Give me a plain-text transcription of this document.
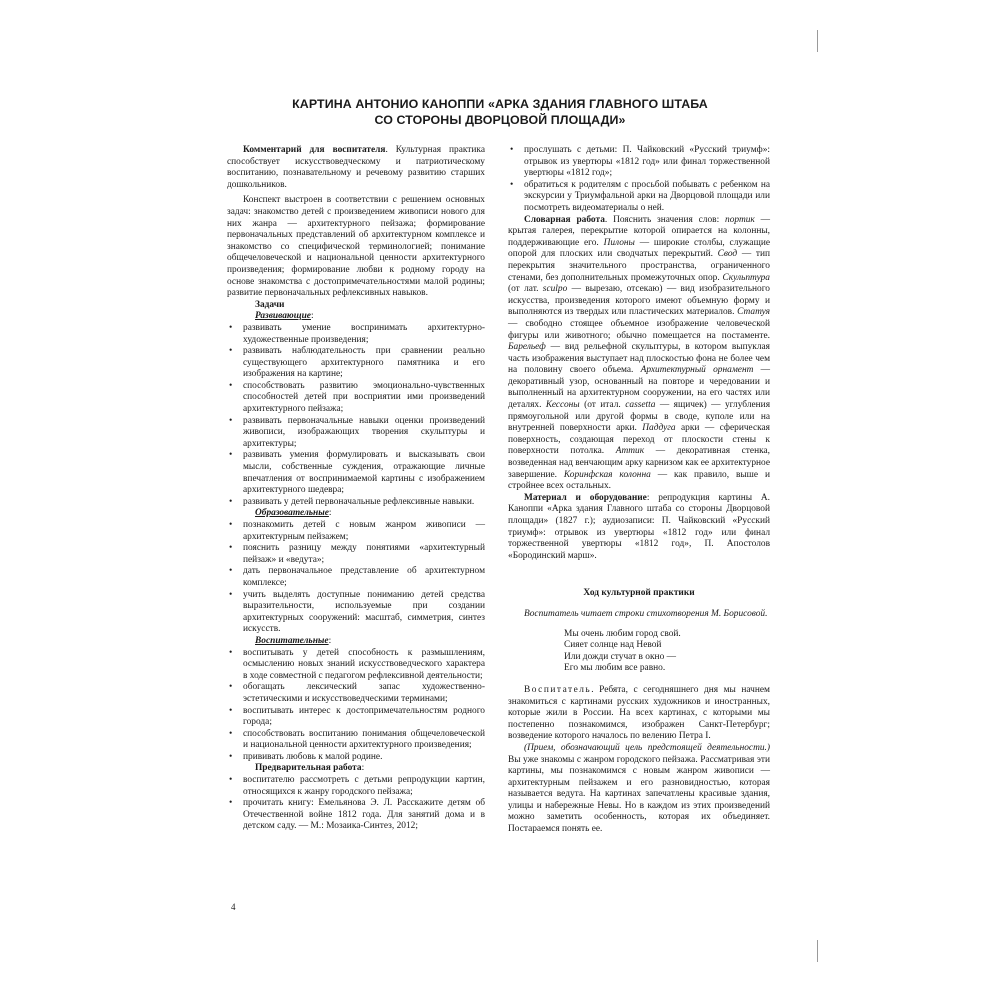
КАРТИНА АНТОНИО КАНОППИ «АРКА ЗДАНИЯ ГЛАВНОГО ШТАБА
СО СТОРОНЫ ДВОРЦОВОЙ ПЛОЩАДИ»

Комментарий для воспитателя. Культурная практика способствует искусствоведческому и патриотическому воспитанию, познавательному и речевому развитию старших дошкольников.

Конспект выстроен в соответствии с решением основных задач: знакомство детей с произведением живописи нового для них жанра — архитектурного пейзажа; формирование первоначальных представлений об архитектурном комплексе и знакомство со специфической терминологией; понимание общечеловеческой и национальной ценности архитектурного произведения; формирование любви к родному городу на основе знакомства с достопримечательностями малой родины; развитие первоначальных рефлексивных навыков.

Задачи

Развивающие:

• развивать умение воспринимать архитектурно-художественные произведения;
• развивать наблюдательность при сравнении реально существующего архитектурного памятника и его изображения на картине;
• способствовать развитию эмоционально-чувственных способностей детей при восприятии ими произведений архитектурного пейзажа;
• развивать первоначальные навыки оценки произведений живописи, изображающих творения скульптуры и архитектуры;
• развивать умения формулировать и высказывать свои мысли, собственные суждения, отражающие личные впечатления от воспринимаемой картины с изображением архитектурного шедевра;
• развивать у детей первоначальные рефлексивные навыки.

Образовательные:

• познакомить детей с новым жанром живописи — архитектурным пейзажем;
• пояснить разницу между понятиями «архитектурный пейзаж» и «ведута»;
• дать первоначальное представление об архитектурном комплексе;
• учить выделять доступные пониманию детей средства выразительности, используемые при создании архитектурных сооружений: масштаб, симметрия, синтез искусств.

Воспитательные:

• воспитывать у детей способность к размышлениям, осмыслению новых знаний искусствоведческого характера в ходе совместной с педагогом рефлексивной деятельности;
• обогащать лексический запас художественно-эстетическими и искусствоведческими терминами;
• воспитывать интерес к достопримечательностям родного города;
• способствовать воспитанию понимания общечеловеческой и национальной ценности архитектурного произведения;
• прививать любовь к малой родине.

Предварительная работа:

• воспитателю рассмотреть с детьми репродукции картин, относящихся к жанру городского пейзажа;
• прочитать книгу: Емельянова Э. Л. Расскажите детям об Отечественной войне 1812 года. Для занятий дома и в детском саду. — М.: Мозаика-Синтез, 2012;
• прослушать с детьми: П. Чайковский «Русский триумф»: отрывок из увертюры «1812 год» или финал торжественной увертюры «1812 год»;
• обратиться к родителям с просьбой побывать с ребенком на экскурсии у Триумфальной арки на Дворцовой площади или посмотреть видеоматериалы о ней.

Словарная работа. Пояснить значения слов: портик — крытая галерея, перекрытие которой опирается на колонны, поддерживающие его. Пилоны — широкие столбы, служащие опорой для плоских или сводчатых перекрытий. Свод — тип перекрытия значительного пространства, ограниченного стенами, без дополнительных промежуточных опор. Скульптура (от лат. sculpo — вырезаю, отсекаю) — вид изобразительного искусства, произведения которого имеют объемную форму и выполняются из твердых или пластических материалов. Статуя — свободно стоящее объемное изображение человеческой фигуры или животного; обычно помещается на постаменте. Барельеф — вид рельефной скульптуры, в котором выпуклая часть изображения выступает над плоскостью фона не более чем на половину своего объема. Архитектурный орнамент — декоративный узор, основанный на повторе и чередовании и выполненный на архитектурном сооружении, на его частях или деталях. Кессоны (от итал. cassetta — ящичек) — углубления прямоугольной или другой формы в своде, куполе или на внутренней поверхности арки. Паддуга арки — сферическая поверхность, создающая переход от плоскости стены к поверхности потолка. Аттик — декоративная стенка, возведенная над венчающим арку карнизом как ее архитектурное завершение. Коринфская колонна — как правило, выше и стройнее всех остальных.

Материал и оборудование: репродукция картины А. Каноппи «Арка здания Главного штаба со стороны Дворцовой площади» (1827 г.); аудиозаписи: П. Чайковский «Русский триумф»: отрывок из увертюры «1812 год» или финал торжественной увертюры «1812 год», П. Апостолов «Бородинский марш».

Ход культурной практики

Воспитатель читает строки стихотворения М. Борисовой.

Мы очень любим город свой.
Сияет солнце над Невой
Или дожди стучат в окно —
Его мы любим все равно.

Воспитатель. Ребята, с сегодняшнего дня мы начнем знакомиться с картинами русских художников и иностранных, которые жили в России. На всех картинах, с которыми мы постепенно познакомимся, изображен Санкт-Петербург; возведение которого началось по велению Петра I.

(Прием, обозначающий цель предстоящей деятельности.) Вы уже знакомы с жанром городского пейзажа. Рассматривая эти картины, мы познакомимся с новым жанром живописи — архитектурным пейзажем и его разновидностью, которая называется ведута. На картинах запечатлены красивые здания, улицы и набережные Невы. Но в каждом из этих произведений можно заметить особенность, которая их объединяет. Постараемся понять ее.

4
